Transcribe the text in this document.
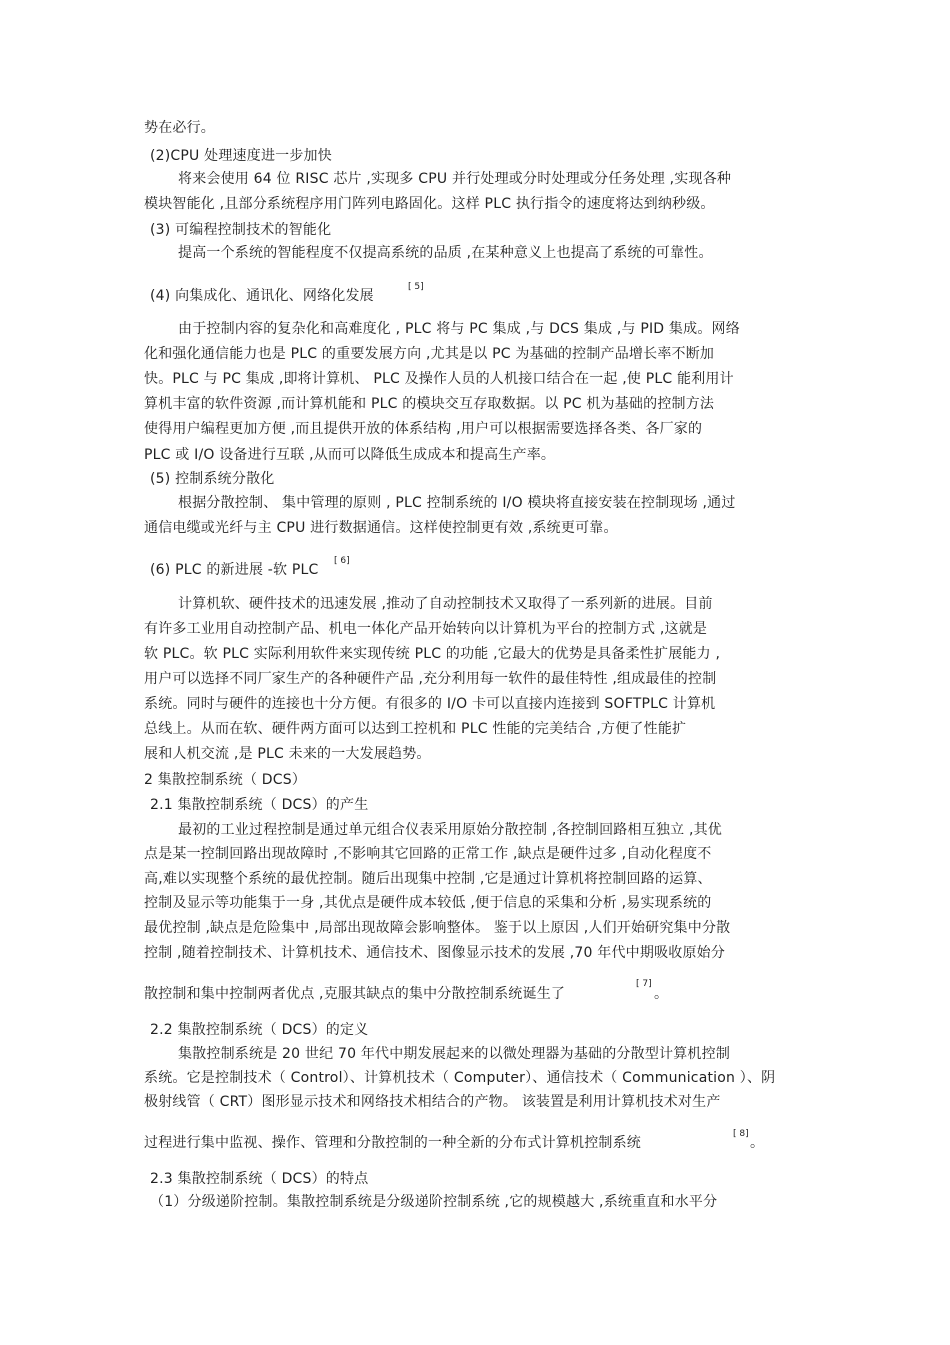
势在必行。
(2)CPU 处理速度进一步加快
将来会使用 64 位 RISC 芯片 ,实现多 CPU 并行处理或分时处理或分任务处理 ,实现各种
模块智能化 ,且部分系统程序用门阵列电路固化。这样 PLC 执行指令的速度将达到纳秒级。
(3) 可编程控制技术的智能化
提高一个系统的智能程度不仅提高系统的品质 ,在某种意义上也提高了系统的可靠性。
(4) 向集成化、通讯化、网络化发展
[ 5]
由于控制内容的复杂化和高难度化 , PLC 将与 PC 集成 ,与 DCS 集成 ,与 PID 集成。网络
化和强化通信能力也是 PLC 的重要发展方向 ,尤其是以 PC 为基础的控制产品增长率不断加
快。PLC 与 PC 集成 ,即将计算机、 PLC 及操作人员的人机接口结合在一起 ,使 PLC 能利用计
算机丰富的软件资源 ,而计算机能和 PLC 的模块交互存取数据。以 PC 机为基础的控制方法
使得用户编程更加方便 ,而且提供开放的体系结构 ,用户可以根据需要选择各类、各厂家的
PLC 或 I/O 设备进行互联 ,从而可以降低生成成本和提高生产率。
(5) 控制系统分散化
根据分散控制、 集中管理的原则 , PLC 控制系统的 I/O 模块将直接安装在控制现场 ,通过
通信电缆或光纤与主 CPU 进行数据通信。这样使控制更有效 ,系统更可靠。
(6) PLC 的新进展 -软 PLC
[ 6]
计算机软、硬件技术的迅速发展 ,推动了自动控制技术又取得了一系列新的进展。目前
有许多工业用自动控制产品、机电一体化产品开始转向以计算机为平台的控制方式 ,这就是
软 PLC。软 PLC 实际利用软件来实现传统 PLC 的功能 ,它最大的优势是具备柔性扩展能力 ,
用户可以选择不同厂家生产的各种硬件产品 ,充分利用每一软件的最佳特性 ,组成最佳的控制
系统。同时与硬件的连接也十分方便。有很多的 I/O 卡可以直接内连接到 SOFTPLC 计算机
总线上。从而在软、硬件两方面可以达到工控机和 PLC 性能的完美结合 ,方便了性能扩
展和人机交流 ,是 PLC 未来的一大发展趋势。
2 集散控制系统（ DCS）
2.1 集散控制系统（ DCS）的产生
最初的工业过程控制是通过单元组合仪表采用原始分散控制 ,各控制回路相互独立 ,其优
点是某一控制回路出现故障时 ,不影响其它回路的正常工作 ,缺点是硬件过多 ,自动化程度不
高,难以实现整个系统的最优控制。随后出现集中控制 ,它是通过计算机将控制回路的运算、
控制及显示等功能集于一身 ,其优点是硬件成本较低 ,便于信息的采集和分析 ,易实现系统的
最优控制 ,缺点是危险集中 ,局部出现故障会影响整体。 鉴于以上原因 ,人们开始研究集中分散
控制 ,随着控制技术、计算机技术、通信技术、图像显示技术的发展 ,70 年代中期吸收原始分
散控制和集中控制两者优点 ,克服其缺点的集中分散控制系统诞生了
[ 7]
。
2.2 集散控制系统（ DCS）的定义
集散控制系统是 20 世纪 70 年代中期发展起来的以微处理器为基础的分散型计算机控制
系统。它是控制技术（ Control）、计算机技术（ Computer）、通信技术（ Communication ）、阴
极射线管（ CRT）图形显示技术和网络技术相结合的产物。 该装置是利用计算机技术对生产
过程进行集中监视、操作、管理和分散控制的一种全新的分布式计算机控制系统
[ 8]
。
2.3 集散控制系统（ DCS）的特点
（1）分级递阶控制。集散控制系统是分级递阶控制系统 ,它的规模越大 ,系统重直和水平分
